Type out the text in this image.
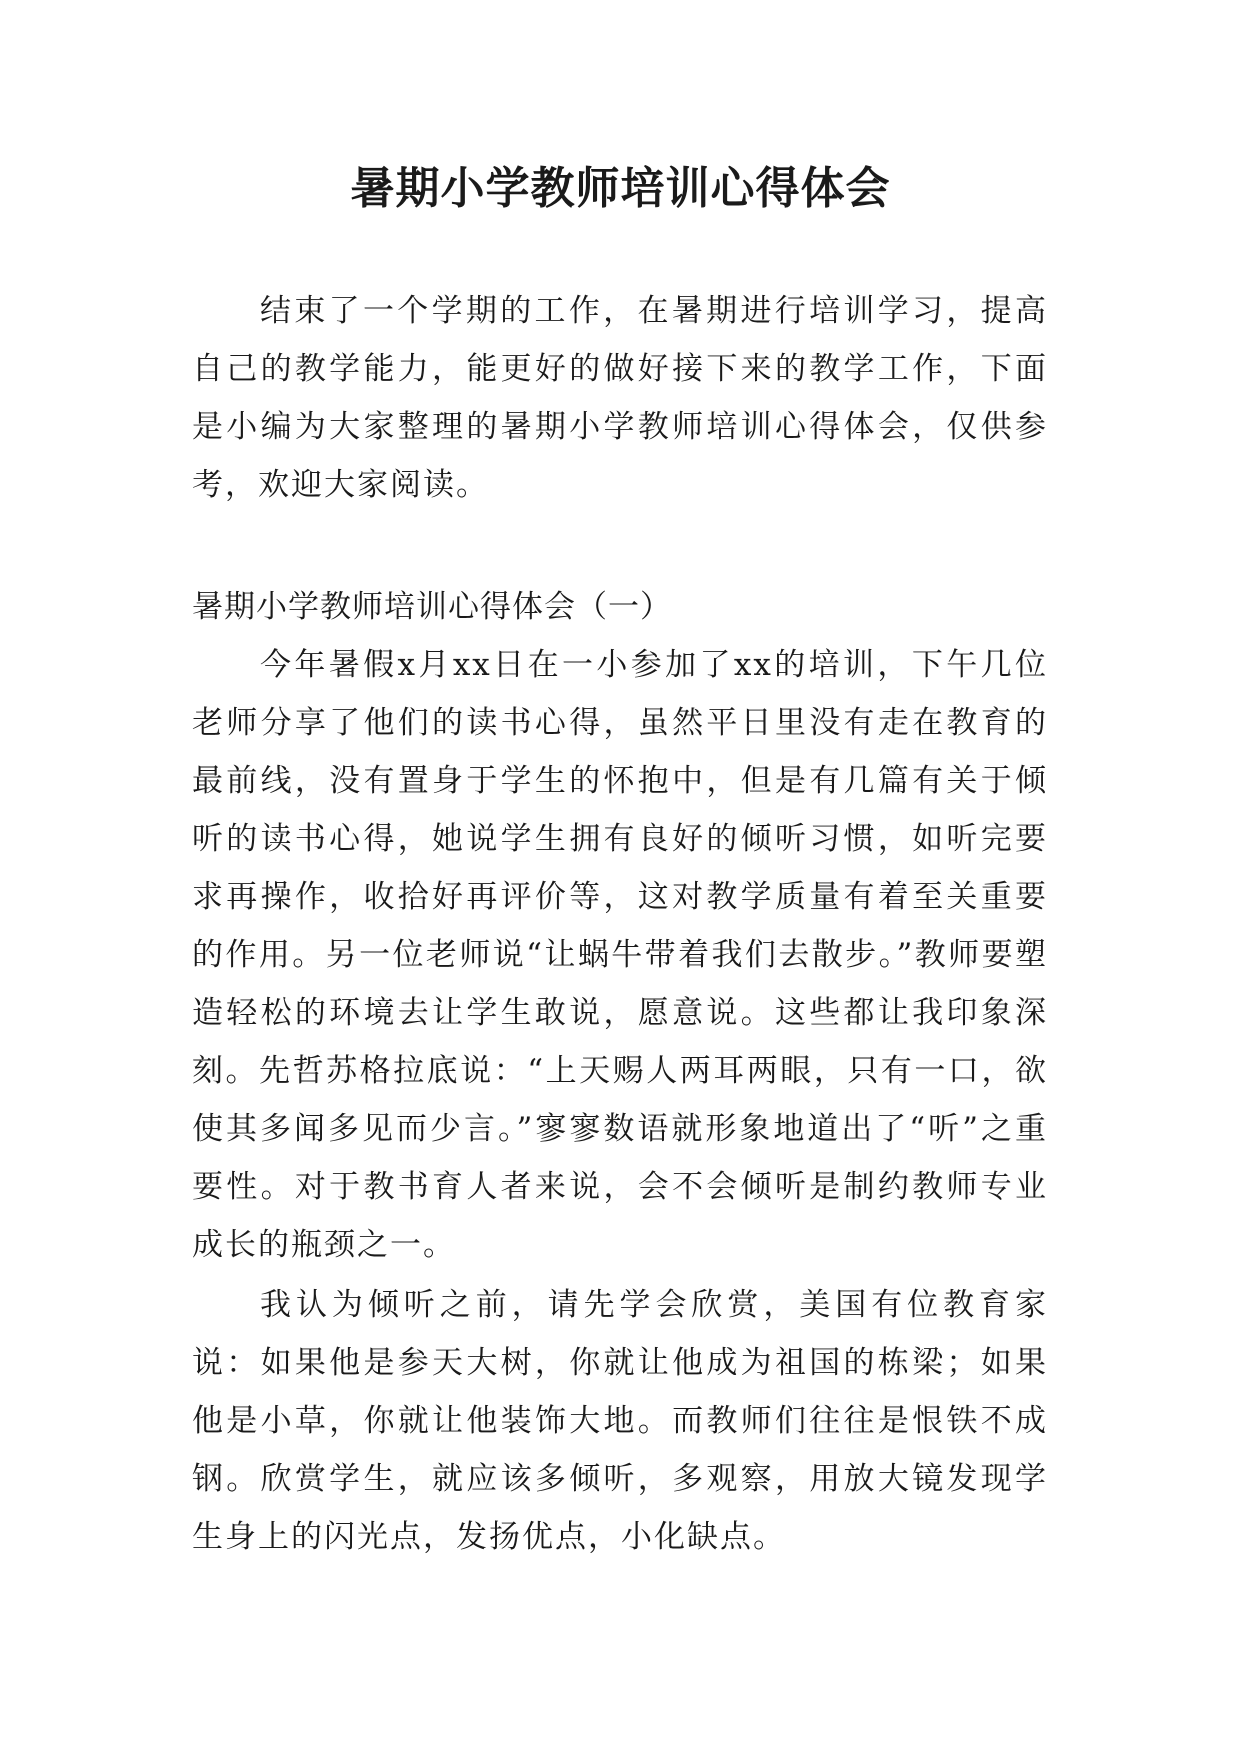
暑期小学教师培训心得体会

结束了一个学期的工作，在暑期进行培训学习，提高自己的教学能力，能更好的做好接下来的教学工作，下面是小编为大家整理的暑期小学教师培训心得体会，仅供参考，欢迎大家阅读。

暑期小学教师培训心得体会（一）

今年暑假x月xx日在一小参加了xx的培训，下午几位老师分享了他们的读书心得，虽然平日里没有走在教育的最前线，没有置身于学生的怀抱中，但是有几篇有关于倾听的读书心得，她说学生拥有良好的倾听习惯，如听完要求再操作，收拾好再评价等，这对教学质量有着至关重要的作用。另一位老师说“让蜗牛带着我们去散步。”教师要塑造轻松的环境去让学生敢说，愿意说。这些都让我印象深刻。先哲苏格拉底说：“上天赐人两耳两眼，只有一口，欲使其多闻多见而少言。”寥寥数语就形象地道出了“听”之重要性。对于教书育人者来说，会不会倾听是制约教师专业成长的瓶颈之一。

我认为倾听之前，请先学会欣赏，美国有位教育家说：如果他是参天大树，你就让他成为祖国的栋梁；如果他是小草，你就让他装饰大地。而教师们往往是恨铁不成钢。欣赏学生，就应该多倾听，多观察，用放大镜发现学生身上的闪光点，发扬优点，小化缺点。
